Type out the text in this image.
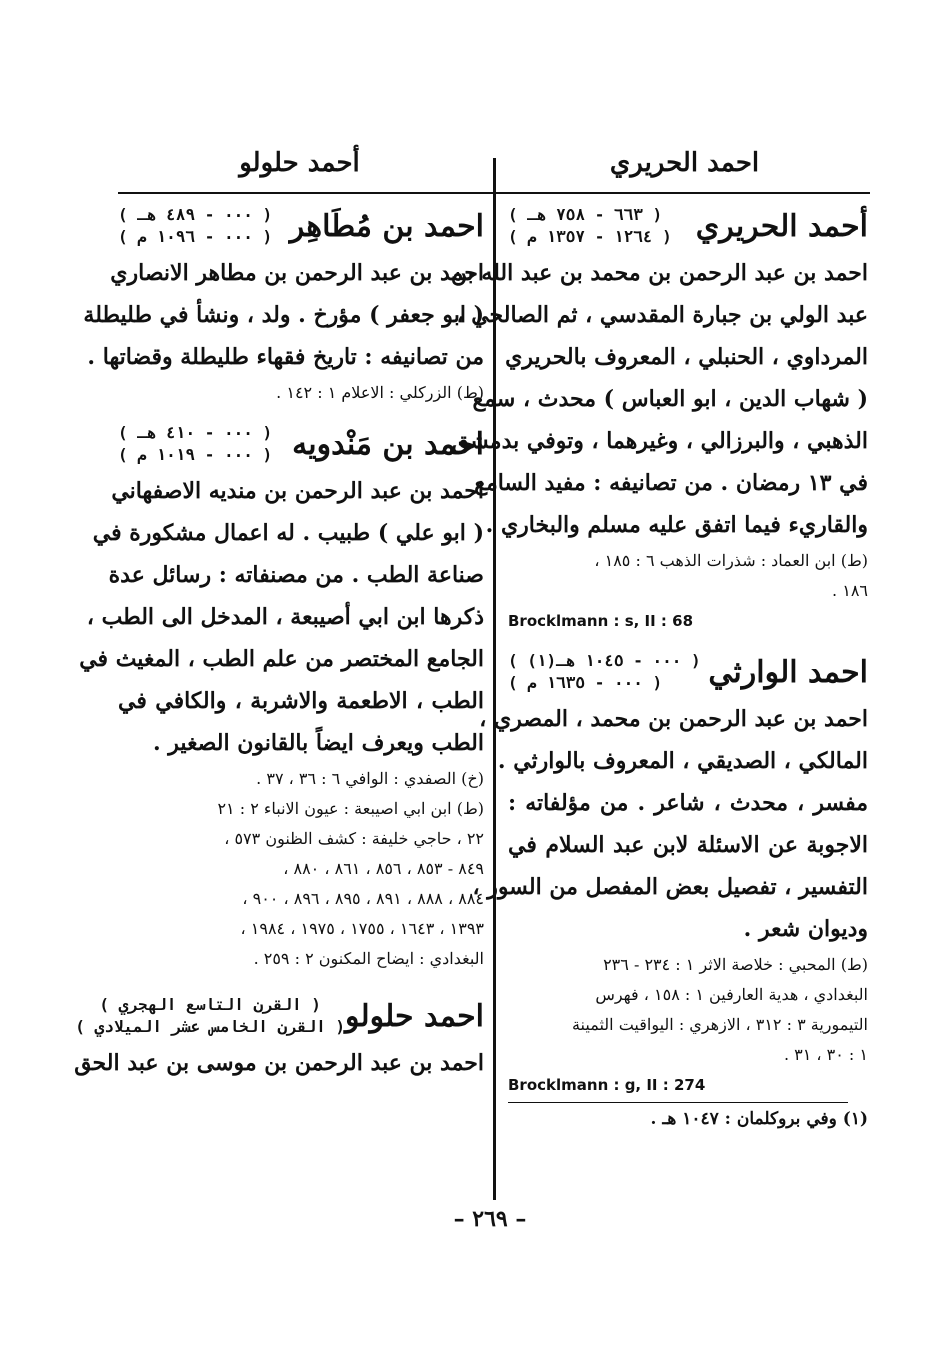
احمد الحريري
أحمد حلولو
أحمد الحريري
( ٦٦٣ - ٧٥٨ هـ )
( ١٢٦٤ - ١٣٥٧ م )

احمد بن عبد الرحمن بن محمد بن عبد الله بن

عبد الولي بن جبارة المقدسي ، ثم الصالحي ،

المرداوي ، الحنبلي ، المعروف بالحريري

( شهاب الدين ، ابو العباس ) محدث ، سمع

الذهبي ، والبرزالي ، وغيرهما ، وتوفي بدمشق

في ١٣ رمضان . من تصانيفه : مفيد السامع

والقاريء فيما اتفق عليه مسلم والبخاري .

(ط) ابن العماد : شذرات الذهب ٦ : ١٨٥ ،

١٨٦ .

Brocklmann : s, II : 68
احمد الوارثي
( ٠٠٠ - ١٠٤٥ هـ(١) )
( ٠٠٠ - ١٦٣٥ م )

احمد بن عبد الرحمن بن محمد ، المصري ،

المالكي ، الصديقي ، المعروف بالوارثي .

مفسر ، محدث ، شاعر . من مؤلفاته :

الاجوبة عن الاسئلة لابن عبد السلام في

التفسير ، تفصيل بعض المفصل من السور ،

وديوان شعر .

(ط) المحبي : خلاصة الاثر ١ : ٢٣٤ - ٢٣٦

البغدادي ، هدية العارفين ١ : ١٥٨ ، فهرس

التيمورية ٣ : ٣١٢ ، الازهري : اليواقيت الثمينة

١ : ٣٠ ، ٣١ .

Brocklmann : g, II : 274
(١) وفي بروكلمان : ١٠٤٧ هـ .
احمد بن مُطَاهِر
( ٠٠٠ - ٤٨٩ هـ )
( ٠٠٠ - ١٠٩٦ م )

احمد بن عبد الرحمن بن مطاهر الانصاري

( ابو جعفر ) مؤرخ . ولد ، ونشأ في طليطلة

من تصانيفه : تاريخ فقهاء طليطلة وقضاتها .

(ط) الزركلي : الاعلام ١ : ١٤٢ .

احمد بن مَنْدويه
( ٠٠٠ - ٤١٠ هـ )
( ٠٠٠ - ١٠١٩ م )

احمد بن عبد الرحمن بن منديه الاصفهاني

( ابو علي ) طبيب . له اعمال مشكورة في

صناعة الطب . من مصنفاته : رسائل عدة

ذكرها ابن ابي أصيبعة ، المدخل الى الطب ،

الجامع المختصر من علم الطب ، المغيث في

الطب ، الاطعمة والاشربة ، والكافي في

الطب ويعرف ايضاً بالقانون الصغير .

(خ) الصفدي : الوافي ٦ : ٣٦ ، ٣٧ .

(ط) ابن ابي اصيبعة : عيون الانباء ٢ : ٢١

٢٢ ، حاجي خليفة : كشف الظنون ٥٧٣ ،

٨٤٩ - ٨٥٣ ، ٨٥٦ ، ٨٦١ ، ٨٨٠ ،

٨٨٤ ، ٨٨٨ ، ٨٩١ ، ٨٩٥ ، ٨٩٦ ، ٩٠٠ ،

١٣٩٣ ، ١٦٤٣ ، ١٧٥٥ ، ١٩٧٥ ، ١٩٨٤ ،

البغدادي : ايضاح المكنون ٢ : ٢٥٩ .

احمد حلولو
( القرن التاسع الهجري )
( القرن الخامس عشر الميلادي )

احمد بن عبد الرحمن بن موسى بن عبد الحق

– ٢٦٩ –
